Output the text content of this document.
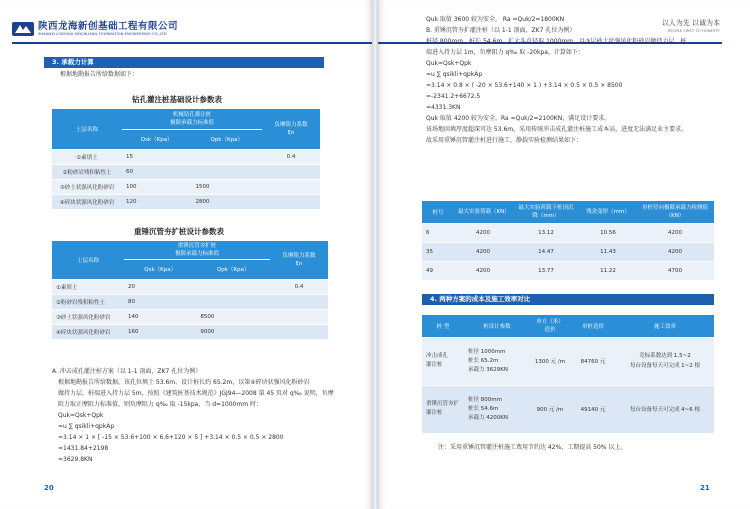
陕西龙海新创基础工程有限公司
SHAANXI LONGHAI XINCHUANG FOUNDATION ENGINEERING CO.,LTD
3. 承载力计算
根据地勘报告所给数据如下：
钻孔灌注桩基础设计参数表
土层名称	机械钻孔灌注桩
极限承载力标准值		负摩阻力系数
ξn
	Qsk（Kpa）	Qpk（Kpa）	
①素填土	15		0.4
②粉砂岩残积粘性土	60		
③砂土状强风化粉砂岩	100	1500	
④碎块状强风化粉砂岩	120	2800	
重锤沉管夯扩桩设计参数表
土层名称	重锤沉管夯扩桩
极限承载力标准值		负摩阻力系数
ξn
	Qsk（Kpa）	Qpk（Kpa）	
①素填土	20		0.4
②粉砂岩残积粘性土	80		
③砂土状强风化粉砂岩	140	8500	
④碎块状强风化粉砂岩	160	9000	
A. 冲击成孔灌注桩方案（以 1-1 剖面，ZK7 孔位为例）
根据地勘报告所给数据，该孔位填土 53.6m，设计桩长约 65.2m，以第④碎块状强风化粉砂岩
做持力层，桩端进入持力层 5m，按照《建筑桩基技术规范》JGJ94—2008 第 45 页对 q‰ 说明，负摩
阻力取正摩阻力标准值，则负摩阻力 q‰ 取 -15kpa，当 d=1000mm 时：
Quk=Qsk+Qpk
=u ∑ qsikli+qpkAp
=3.14 × 1 × [ -15 × 53.6+100 × 6.6+120 × 5 ] +3.14 × 0.5 × 0.5 × 2800
=1431.84+2198
=3629.8KN
20
以人为先 以诚为本
PEOPLE FIRST TO HONESTY
Quk 取值 3600 较为安全。 Ra =Quk/2=1800KN
B. 重锤沉管夯扩灌注桩（以 1-1 剖面，ZK7 孔位为例）
桩径 800mm，桩长 54.6m，扩大头直径取 1000mm，以③层砂土状强风化粉砂岩做持力层，桩
端进入持力层 1m，负摩阻力 q‰ 取 -20kpa，计算如下：
Quk=Qsk+Qpk
=u ∑ qsikli+qpkAp
=3.14 × 0.8 × ( -20 × 53.6+140 × 1 ) +3.14 × 0.5 × 0.5 × 8500
=-2341.2+6672.5
=4331.3KN
Quk 取值 4200 较为安全。Ra =Quk/2=2100KN，满足设计要求。
该场地回填厚度超深可达 53.6m，采用传统冲击成孔灌注桩施工成本高，进度无法满足业主要求，
故采用重锤沉管灌注桩进行施工，静载实验检测结果如下：
桩号	最大实验荷载（KN）	最大实验荷载下桩顶沉降（mm）	残余变形（mm）	单桩竖向极限承载力检测值（KN）
6	4200	13.12	10.56	4200
35	4200	14.47	11.43	4200
49	4200	13.77	11.22	4700
4. 两种方案的成本及施工效率对比
桩 型	桩设计参数	单方（米）造价	单桩造价	施工效率
冲击成孔
灌注桩	桩径 1000mm
桩长 65.2m
承载力 3629KN	1300 元 /m	84760 元	竞标系数达到 1.5~2
每台设备每天可完成 1~2 根
重锤沉管夯扩
灌注桩	桩径 800mm
桩长 54.6m
承载力 4200KN	900 元 /m	49140 元	每台设备每天可完成 4~6 根
注：采用重锤沉管灌注桩施工费用节约达 42%，工期提高 50% 以上。
21
